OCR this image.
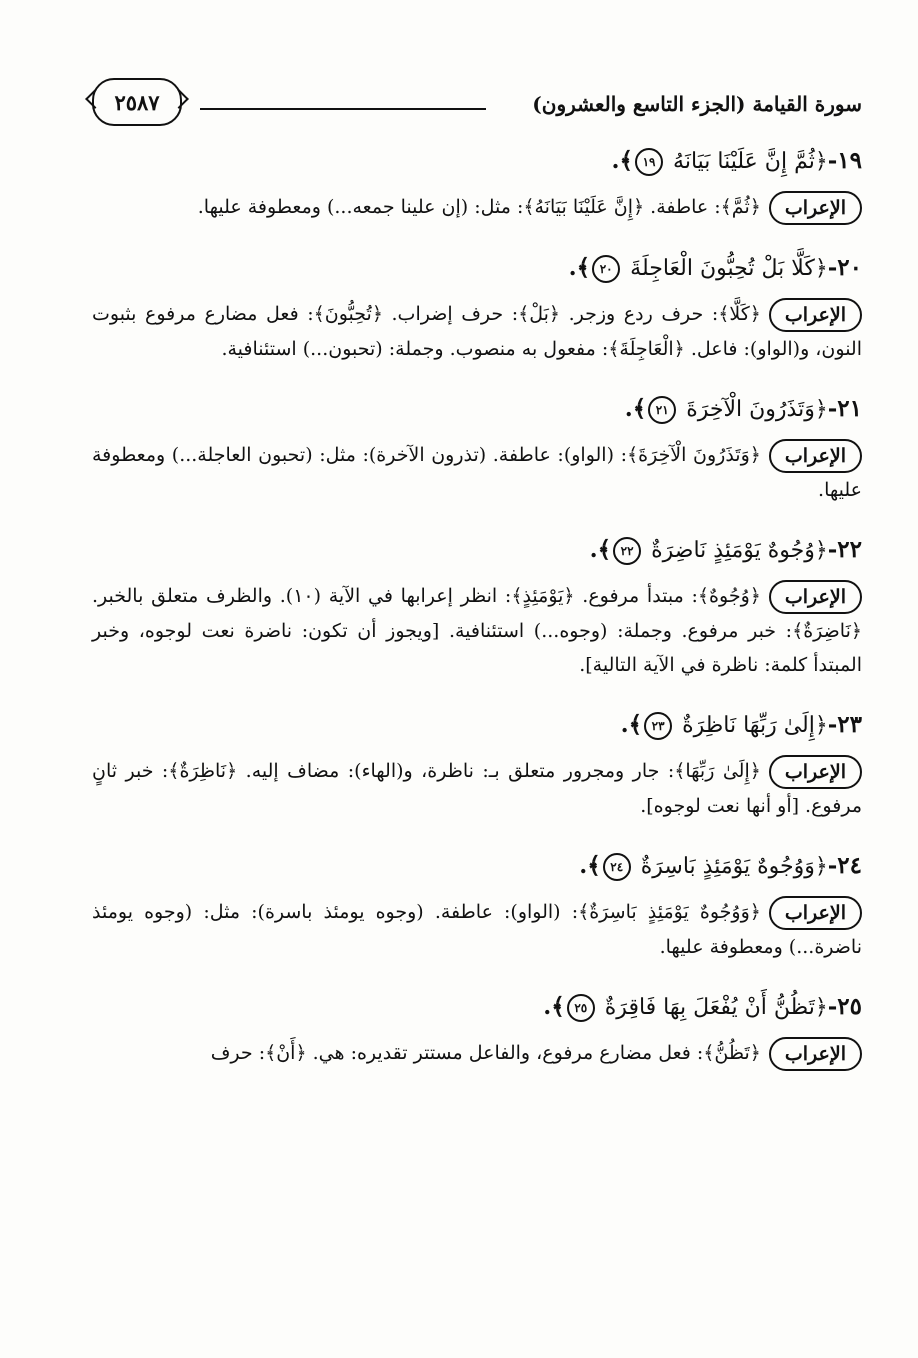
سورة القيامة (الجزء التاسع والعشرون)
٢٥٨٧

١٩-﴿ثُمَّ إِنَّ عَلَيْنَا بَيَانَهُ ١٩﴾.

الإعراب﴿ثُمَّ﴾: عاطفة. ﴿إِنَّ عَلَيْنَا بَيَانَهُ﴾: مثل: (إن علينا جمعه...) ومعطوفة عليها.

٢٠-﴿كَلَّا بَلْ تُحِبُّونَ الْعَاجِلَةَ ٢٠﴾.

الإعراب﴿كَلَّا﴾: حرف ردع وزجر. ﴿بَلْ﴾: حرف إضراب. ﴿تُحِبُّونَ﴾: فعل مضارع مرفوع بثبوت النون، و(الواو): فاعل. ﴿الْعَاجِلَةَ﴾: مفعول به منصوب. وجملة: (تحبون...) استئنافية.

٢١-﴿وَتَذَرُونَ الْآخِرَةَ ٢١﴾.

الإعراب﴿وَتَذَرُونَ الْآخِرَةَ﴾: (الواو): عاطفة. (تذرون الآخرة): مثل: (تحبون العاجلة...) ومعطوفة عليها.

٢٢-﴿وُجُوهٌ يَوْمَئِذٍ نَاضِرَةٌ ٢٢﴾.

الإعراب﴿وُجُوهٌ﴾: مبتدأ مرفوع. ﴿يَوْمَئِذٍ﴾: انظر إعرابها في الآية (١٠). والظرف متعلق بالخبر. ﴿نَاضِرَةٌ﴾: خبر مرفوع. وجملة: (وجوه...) استئنافية. [ويجوز أن تكون: ناضرة نعت لوجوه، وخبر المبتدأ كلمة: ناظرة في الآية التالية].

٢٣-﴿إِلَىٰ رَبِّهَا نَاظِرَةٌ ٢٣﴾.

الإعراب﴿إِلَىٰ رَبِّهَا﴾: جار ومجرور متعلق بـ: ناظرة، و(الهاء): مضاف إليه. ﴿نَاظِرَةٌ﴾: خبر ثانٍ مرفوع. [أو أنها نعت لوجوه].

٢٤-﴿وَوُجُوهٌ يَوْمَئِذٍ بَاسِرَةٌ ٢٤﴾.

الإعراب﴿وَوُجُوهٌ يَوْمَئِذٍ بَاسِرَةٌ﴾: (الواو): عاطفة. (وجوه يومئذ باسرة): مثل: (وجوه يومئذ ناضرة...) ومعطوفة عليها.

٢٥-﴿تَظُنُّ أَنْ يُفْعَلَ بِهَا فَاقِرَةٌ ٢٥﴾.

الإعراب﴿تَظُنُّ﴾: فعل مضارع مرفوع، والفاعل مستتر تقديره: هي. ﴿أَنْ﴾: حرف
